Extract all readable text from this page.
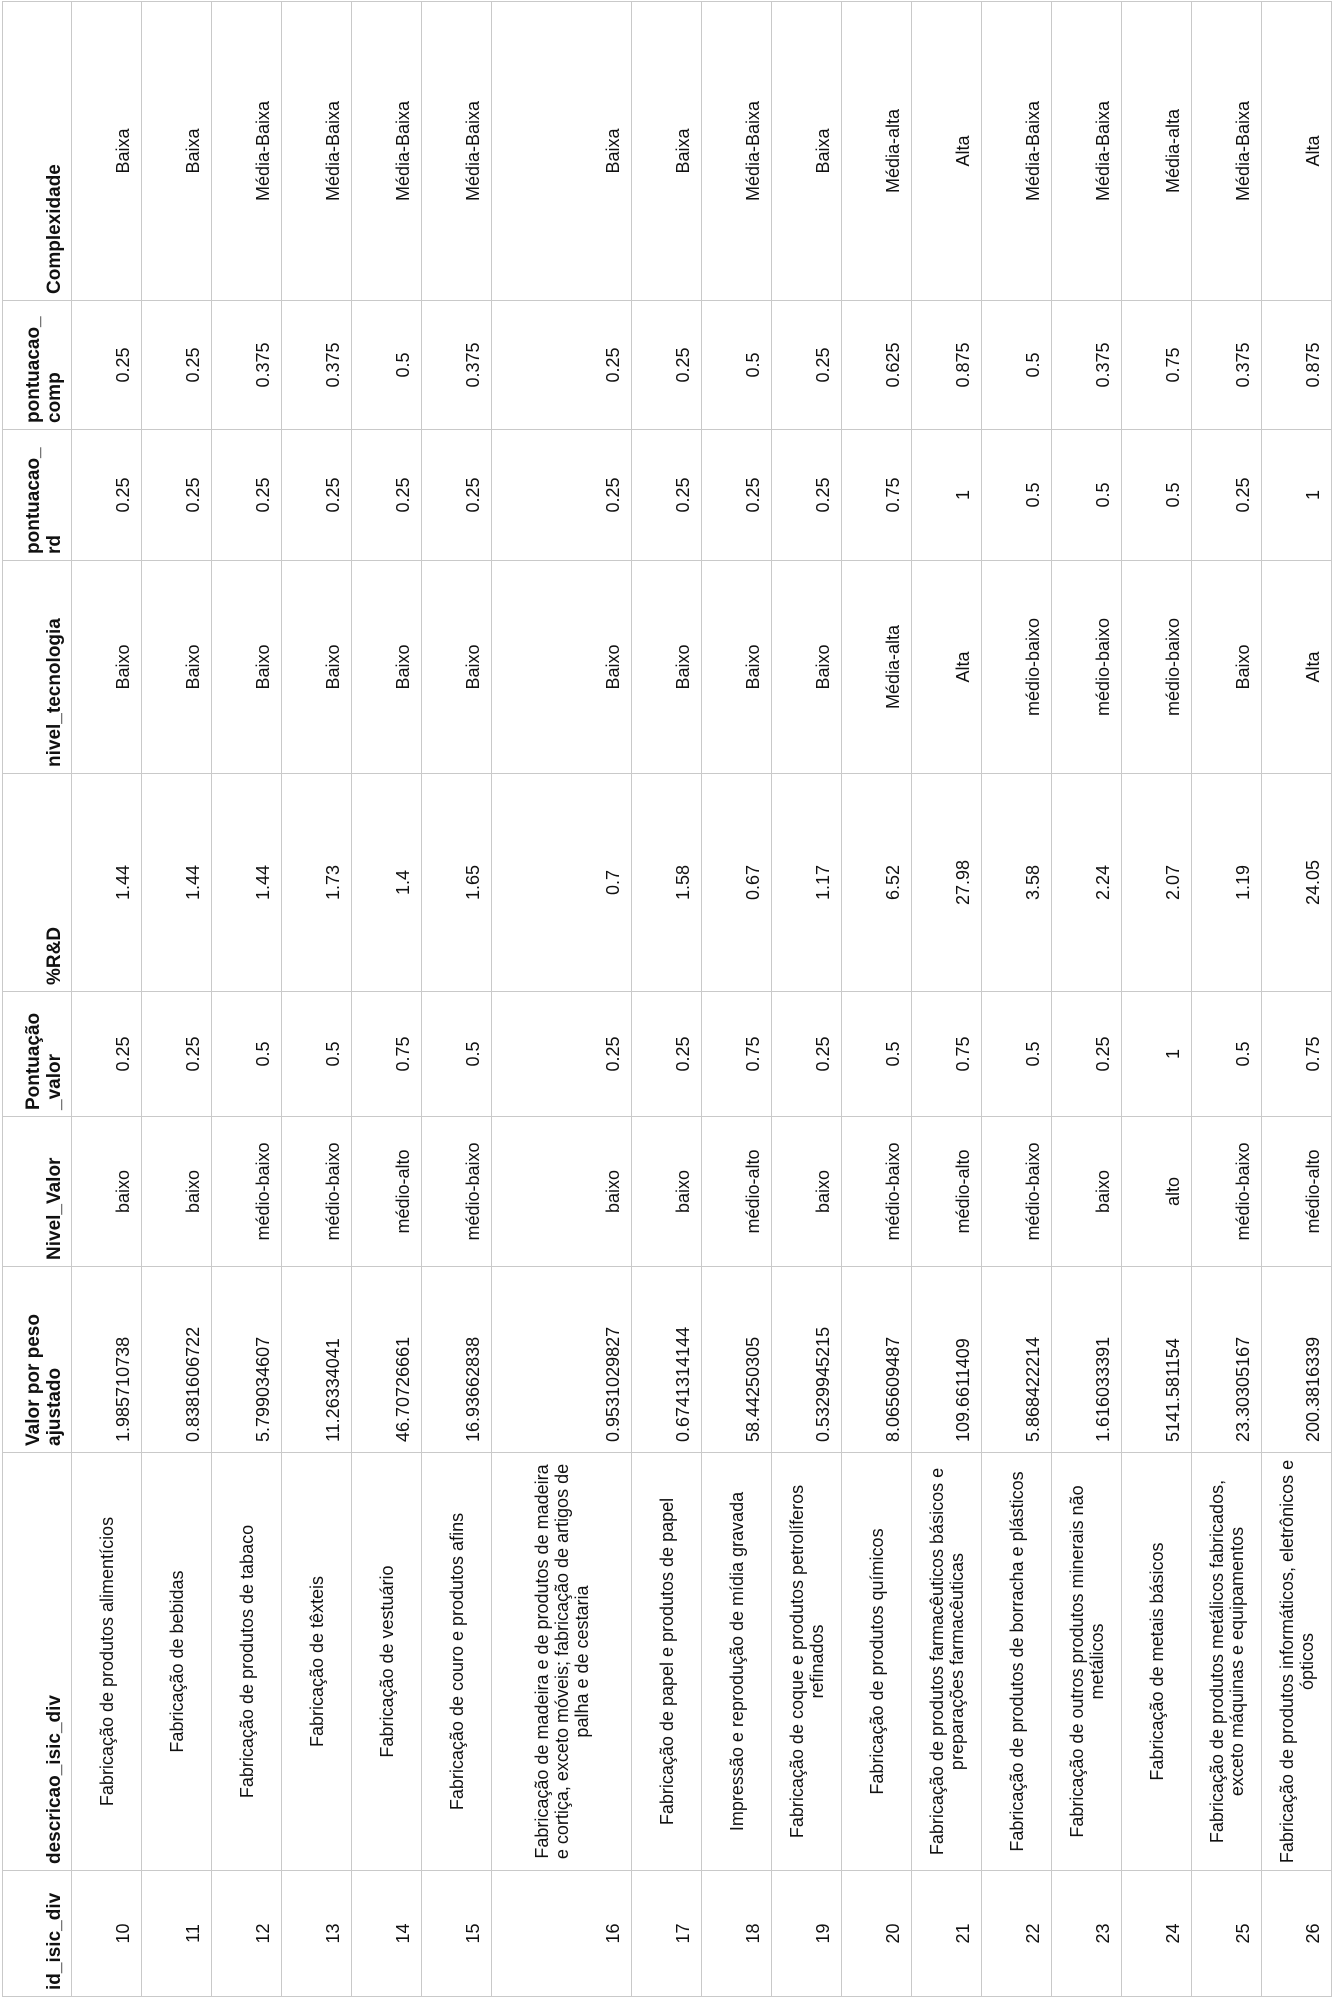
id_isic_div	descricao_isic_div	Valor por peso ajustado	Nivel_Valor	Pontuação _valor	%R&D	nivel_tecnologia	pontuacao_ rd	pontuacao_ comp	Complexidade
10	Fabricação de produtos alimentícios	1.985710738	baixo	0.25	1.44	Baixo	0.25	0.25	Baixa
11	Fabricação de bebidas	0.8381606722	baixo	0.25	1.44	Baixo	0.25	0.25	Baixa
12	Fabricação de produtos de tabaco	5.799034607	médio-baixo	0.5	1.44	Baixo	0.25	0.375	Média-Baixa
13	Fabricação de têxteis	11.26334041	médio-baixo	0.5	1.73	Baixo	0.25	0.375	Média-Baixa
14	Fabricação de vestuário	46.70726661	médio-alto	0.75	1.4	Baixo	0.25	0.5	Média-Baixa
15	Fabricação de couro e produtos afins	16.93662838	médio-baixo	0.5	1.65	Baixo	0.25	0.375	Média-Baixa
16	Fabricação de madeira e de produtos de madeira e cortiça, exceto móveis; fabricação de artigos de palha e de cestaria	0.9531029827	baixo	0.25	0.7	Baixo	0.25	0.25	Baixa
17	Fabricação de papel e produtos de papel	0.6741314144	baixo	0.25	1.58	Baixo	0.25	0.25	Baixa
18	Impressão e reprodução de mídia gravada	58.44250305	médio-alto	0.75	0.67	Baixo	0.25	0.5	Média-Baixa
19	Fabricação de coque e produtos petrolíferos refinados	0.5329945215	baixo	0.25	1.17	Baixo	0.25	0.25	Baixa
20	Fabricação de produtos químicos	8.065609487	médio-baixo	0.5	6.52	Média-alta	0.75	0.625	Média-alta
21	Fabricação de produtos farmacêuticos básicos e preparações farmacêuticas	109.6611409	médio-alto	0.75	27.98	Alta	1	0.875	Alta
22	Fabricação de produtos de borracha e plásticos	5.868422214	médio-baixo	0.5	3.58	médio-baixo	0.5	0.5	Média-Baixa
23	Fabricação de outros produtos minerais não metálicos	1.616033391	baixo	0.25	2.24	médio-baixo	0.5	0.375	Média-Baixa
24	Fabricação de metais básicos	5141.581154	alto	1	2.07	médio-baixo	0.5	0.75	Média-alta
25	Fabricação de produtos metálicos fabricados, exceto máquinas e equipamentos	23.30305167	médio-baixo	0.5	1.19	Baixo	0.25	0.375	Média-Baixa
26	Fabricação de produtos informáticos, eletrônicos e ópticos	200.3816339	médio-alto	0.75	24.05	Alta	1	0.875	Alta
